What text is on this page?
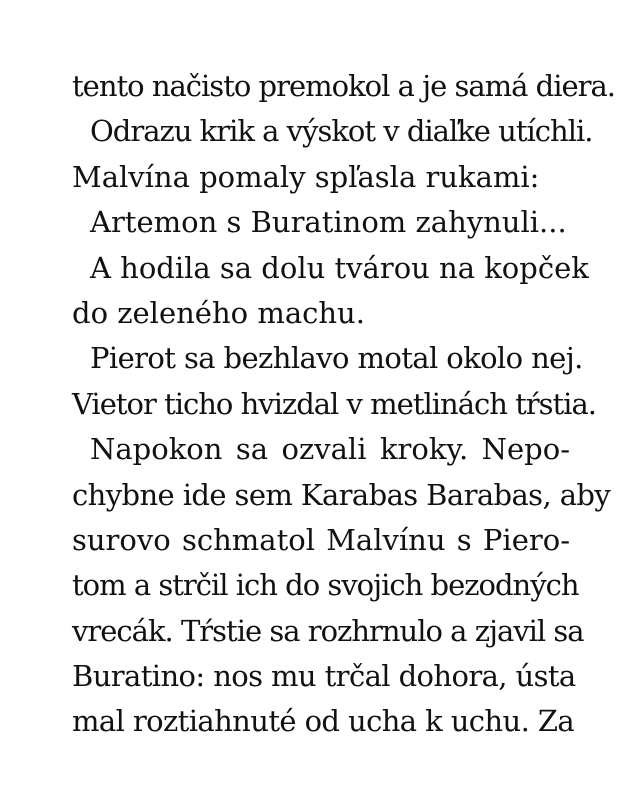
tento načisto premokol a je samá diera.
Odrazu krik a výskot v diaľke utíchli.
Malvína pomaly spľasla rukami:
Artemon s Buratinom zahynuli...
A hodila sa dolu tvárou na kopček
do zeleného machu.
Pierot sa bezhlavo motal okolo nej.
Vietor ticho hvizdal v metlinách tŕstia.
Napokon sa ozvali kroky. Nepo-
chybne ide sem Karabas Barabas, aby
surovo schmatol Malvínu s Piero-
tom a strčil ich do svojich bezodných
vrecák. Tŕstie sa rozhrnulo a zjavil sa
Buratino: nos mu trčal dohora, ústa
mal roztiahnuté od ucha k uchu. Za
